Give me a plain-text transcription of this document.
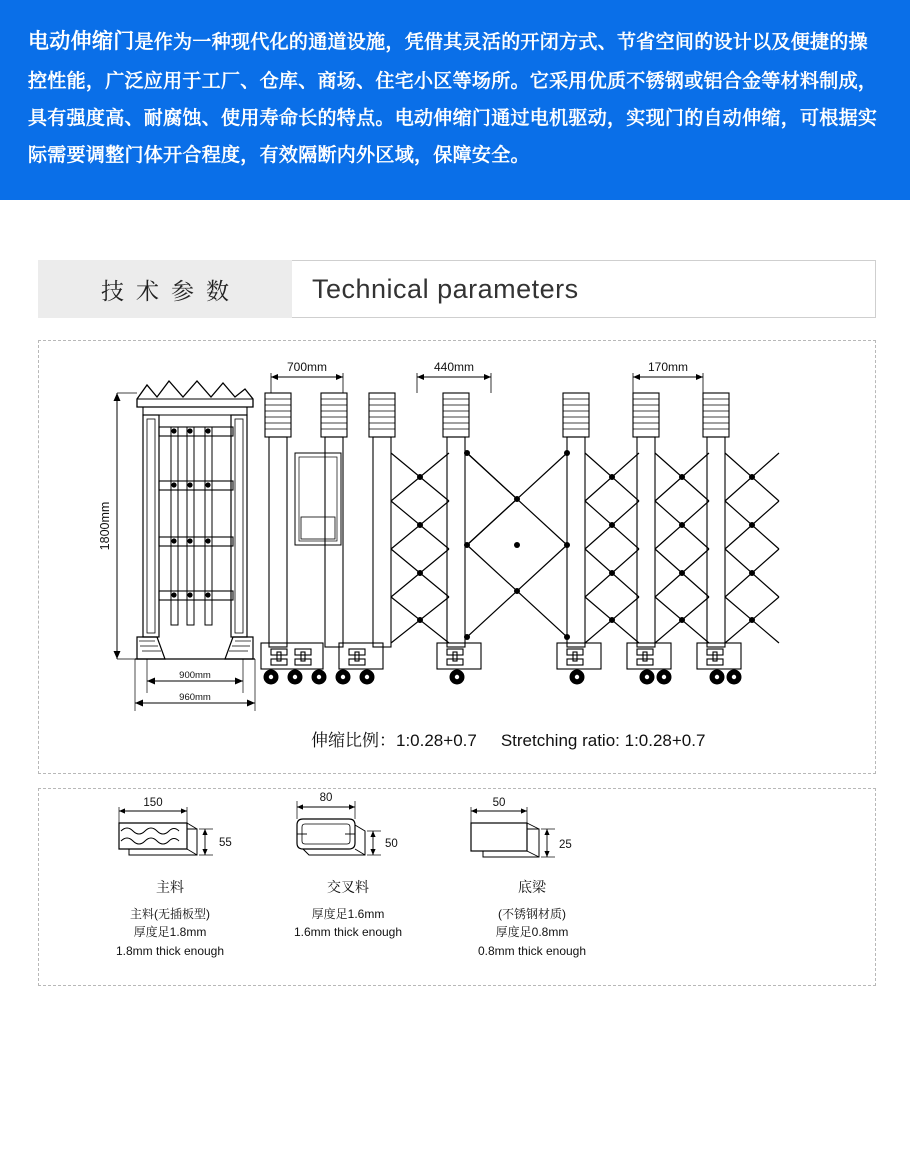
电动伸缩门是作为一种现代化的通道设施，凭借其灵活的开闭方式、节省空间的设计以及便捷的操控性能，广泛应用于工厂、仓库、商场、住宅小区等场所。它采用优质不锈钢或铝合金等材料制成，具有强度高、耐腐蚀、使用寿命长的特点。电动伸缩门通过电机驱动，实现门的自动伸缩，可根据实际需要调整门体开合程度，有效隔断内外区域，保障安全。
技术参数	Technical parameters
700mm	440mm	170mm
1800mm
900mm
960mm
伸缩比例：1:0.28+0.7 Stretching ratio: 1:0.28+0.7
150
55
80
50
50
25
主料
主料(无插板型)
厚度足1.8mm
1.8mm thick enough
交叉料
厚度足1.6mm
1.6mm thick enough
底梁
(不锈钢材质)
厚度足0.8mm
0.8mm thick enough
